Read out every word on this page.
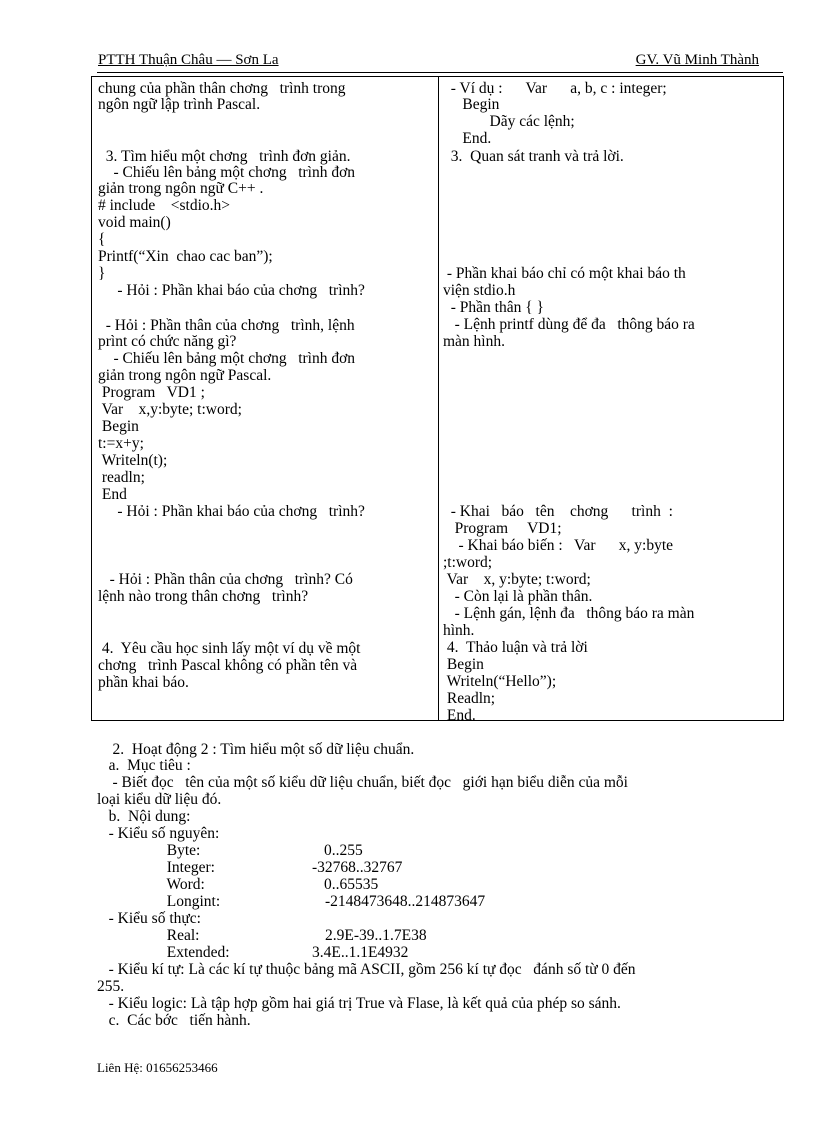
PTTH Thuận Châu — Sơn La	GV. Vũ Minh Thành
chung của phần thân chơng   trình trong
ngôn ngữ lập trình Pascal.
3. Tìm hiểu một chơng   trình đơn giản.
- Chiếu lên bảng một chơng   trình đơn
giản trong ngôn ngữ C++ .
# include    <stdio.h>
void main()
{
Printf(“Xin  chao cac ban”);
}
- Hỏi : Phần khai báo của chơng   trình?
- Hỏi : Phần thân của chơng   trình, lệnh
prìnt có chức năng gì?
- Chiếu lên bảng một chơng   trình đơn
giản trong ngôn ngữ Pascal.
Program   VD1 ;
Var    x,y:byte; t:word;
Begin
t:=x+y;
Writeln(t);
readln;
End
- Hỏi : Phần khai báo của chơng   trình?
- Hỏi : Phần thân của chơng   trình? Có
lệnh nào trong thân chơng   trình?
4.  Yêu cầu học sinh lấy một ví dụ về một
chơng   trình Pascal không có phần tên và
phần khai báo.
- Ví dụ :      Var      a, b, c : integer;
Begin
Dãy các lệnh;
End.
3.  Quan sát tranh và trả lời.
- Phần khai báo chỉ có một khai báo th
viện stdio.h
- Phần thân { }
- Lệnh printf dùng để đa   thông báo ra
màn hình.
- Khai   báo   tên    chơng      trình  :
Program     VD1;
- Khai báo biến :   Var      x, y:byte
;t:word;
Var    x, y:byte; t:word;
- Còn lại là phần thân.
- Lệnh gán, lệnh đa   thông báo ra màn
hình.
4.  Thảo luận và trả lời
Begin
Writeln(“Hello”);
Readln;
End.
2.  Hoạt động 2 : Tìm hiểu một số dữ liệu chuẩn.
a.  Mục tiêu :
- Biết đọc   tên của một số kiểu dữ liệu chuẩn, biết đọc   giới hạn biểu diễn của mỗi
loại kiểu dữ liệu đó.
b.  Nội dung:
- Kiểu số nguyên:
Byte:
Integer:
Word:
Longint:
- Kiểu số thực:
Real:
Extended:
- Kiểu kí tự: Là các kí tự thuộc bảng mã ASCII, gồm 256 kí tự đọc   đánh số từ 0 đến
255.
- Kiểu logic: Là tập hợp gồm hai giá trị True và Flase, là kết quả của phép so sánh.
c.  Các bớc   tiến hành.
0..255
-32768..32767
0..65535
-2148473648..214873647
2.9E-39..1.7E38
3.4E..1.1E4932
Liên Hệ: 01656253466
